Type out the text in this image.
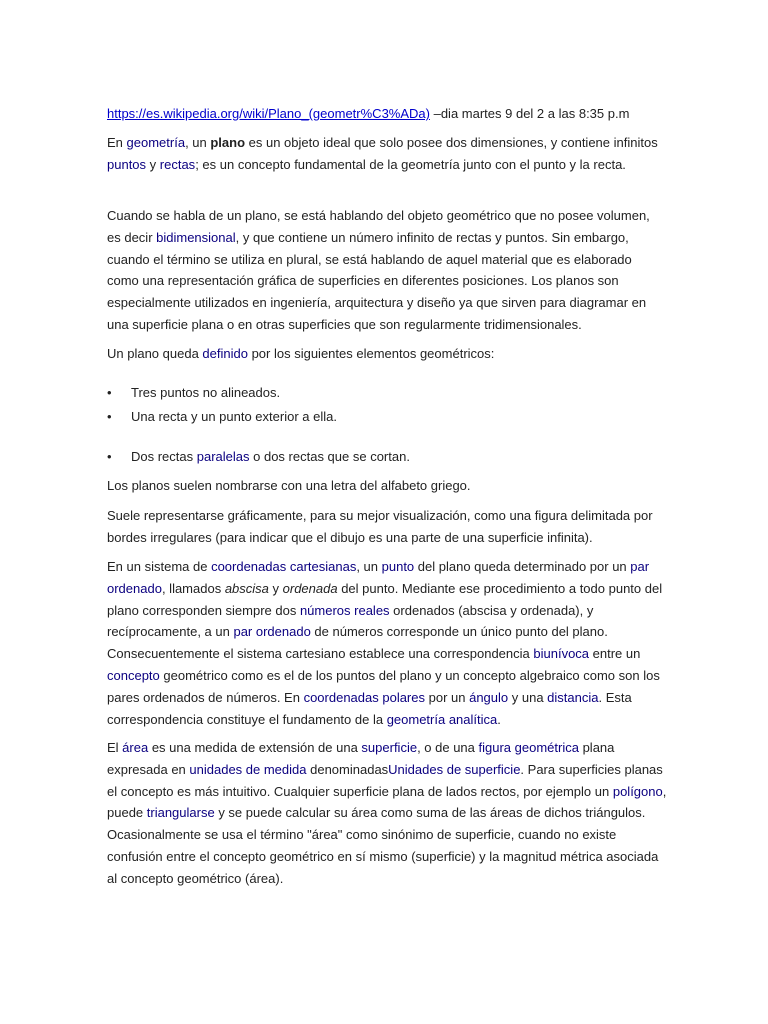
https://es.wikipedia.org/wiki/Plano_(geometr%C3%ADa) –dia martes 9 del 2 a las 8:35 p.m

En geometría, un plano es un objeto ideal que solo posee dos dimensiones, y contiene infinitos puntos y rectas; es un concepto fundamental de la geometría junto con el punto y la recta.

Cuando se habla de un plano, se está hablando del objeto geométrico que no posee volumen, es decir bidimensional, y que contiene un número infinito de rectas y puntos. Sin embargo, cuando el término se utiliza en plural, se está hablando de aquel material que es elaborado como una representación gráfica de superficies en diferentes posiciones. Los planos son especialmente utilizados en ingeniería, arquitectura y diseño ya que sirven para diagramar en una superficie plana o en otras superficies que son regularmente tridimensionales.

Un plano queda definido por los siguientes elementos geométricos:

• Tres puntos no alineados.
• Una recta y un punto exterior a ella.
• Dos rectas paralelas o dos rectas que se cortan.

Los planos suelen nombrarse con una letra del alfabeto griego.

Suele representarse gráficamente, para su mejor visualización, como una figura delimitada por bordes irregulares (para indicar que el dibujo es una parte de una superficie infinita).

En un sistema de coordenadas cartesianas, un punto del plano queda determinado por un par ordenado, llamados abscisa y ordenada del punto. Mediante ese procedimiento a todo punto del plano corresponden siempre dos números reales ordenados (abscisa y ordenada), y recíprocamente, a un par ordenado de números corresponde un único punto del plano. Consecuentemente el sistema cartesiano establece una correspondencia biunívoca entre un concepto geométrico como es el de los puntos del plano y un concepto algebraico como son los pares ordenados de números. En coordenadas polares por un ángulo y una distancia. Esta correspondencia constituye el fundamento de la geometría analítica.

El área es una medida de extensión de una superficie, o de una figura geométrica plana expresada en unidades de medida denominadasUnidades de superficie. Para superficies planas el concepto es más intuitivo. Cualquier superficie plana de lados rectos, por ejemplo un polígono, puede triangularse y se puede calcular su área como suma de las áreas de dichos triángulos. Ocasionalmente se usa el término "área" como sinónimo de superficie, cuando no existe confusión entre el concepto geométrico en sí mismo (superficie) y la magnitud métrica asociada al concepto geométrico (área).
